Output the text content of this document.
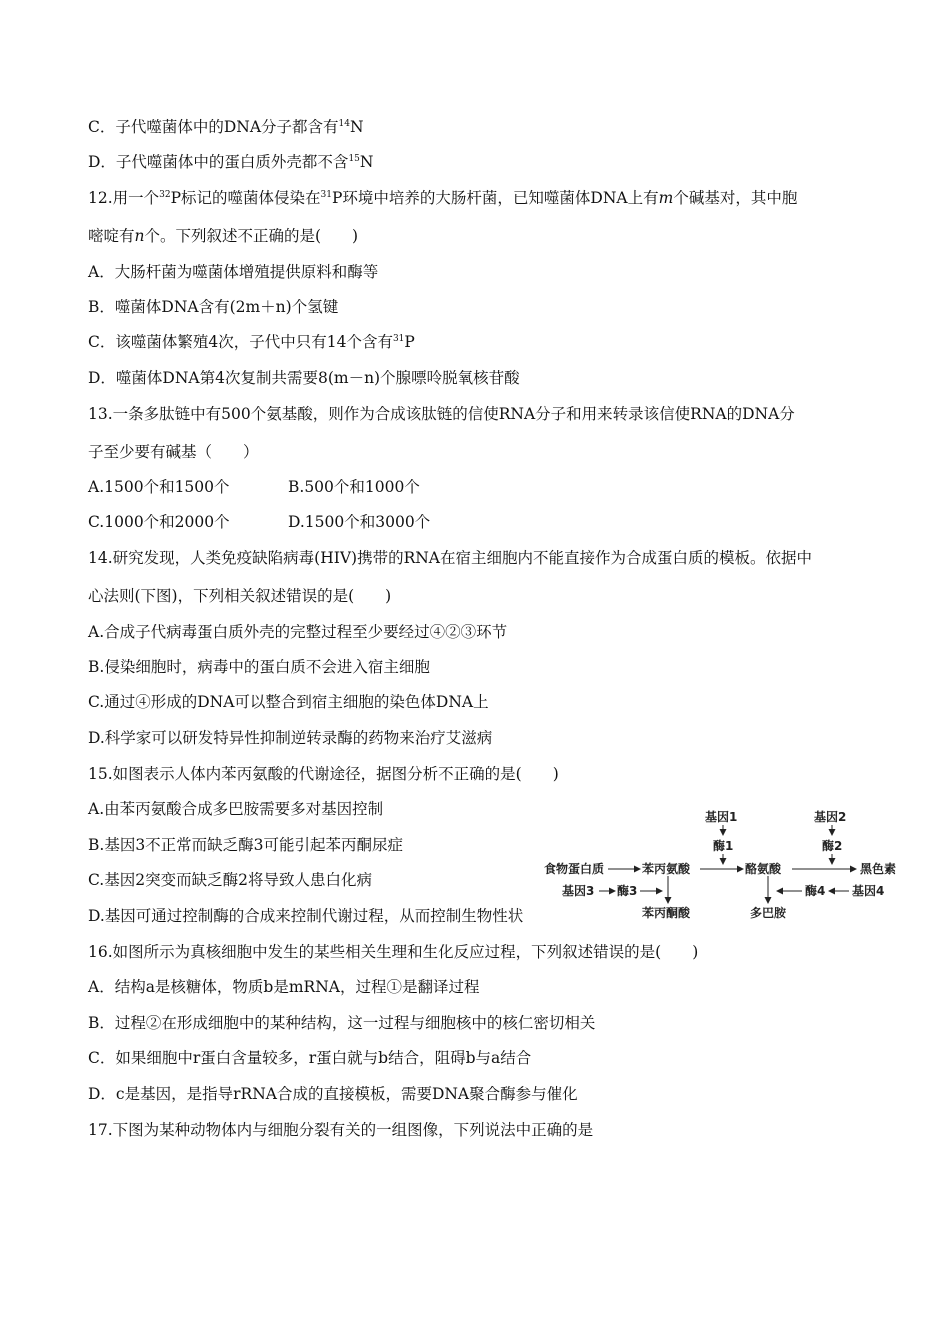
C．子代噬菌体中的DNA分子都含有$^{14}$N
D．子代噬菌体中的蛋白质外壳都不含$^{15}$N
12.用一个$^{32}$P标记的噬菌体侵染在$^{31}$P环境中培养的大肠杆菌，已知噬菌体DNA上有m个碱基对，其中胞
嘧啶有n个。下列叙述不正确的是(　　)
A．大肠杆菌为噬菌体增殖提供原料和酶等
B．噬菌体DNA含有(2m＋n)个氢键
C．该噬菌体繁殖4次，子代中只有14个含有$^{31}$P
D．噬菌体DNA第4次复制共需要8(m－n)个腺嘌呤脱氧核苷酸
13.一条多肽链中有500个氨基酸，则作为合成该肽链的信使RNA分子和用来转录该信使RNA的DNA分
子至少要有碱基（　　）
A.1500个和1500个	B.500个和1000个
C.1000个和2000个	D.1500个和3000个
14.研究发现，人类免疫缺陷病毒(HIV)携带的RNA在宿主细胞内不能直接作为合成蛋白质的模板。依据中
心法则(下图)，下列相关叙述错误的是(　　)
A.合成子代病毒蛋白质外壳的完整过程至少要经过④②③环节
B.侵染细胞时，病毒中的蛋白质不会进入宿主细胞
C.通过④形成的DNA可以整合到宿主细胞的染色体DNA上
D.科学家可以研发特异性抑制逆转录酶的药物来治疗艾滋病
15.如图表示人体内苯丙氨酸的代谢途径，据图分析不正确的是(　　)
A.由苯丙氨酸合成多巴胺需要多对基因控制
B.基因3不正常而缺乏酶3可能引起苯丙酮尿症
C.基因2突变而缺乏酶2将导致人患白化病
D.基因可通过控制酶的合成来控制代谢过程，从而控制生物性状
基因1
酶1
基因2
酶2
食物蛋白质	苯丙氨酸	酪氨酸	黑色素
基因3 酶3	酶4 基因4
苯丙酮酸	多巴胺
16.如图所示为真核细胞中发生的某些相关生理和生化反应过程，下列叙述错误的是(　　)
A．结构a是核糖体，物质b是mRNA，过程①是翻译过程
B．过程②在形成细胞中的某种结构，这一过程与细胞核中的核仁密切相关
C．如果细胞中r蛋白含量较多，r蛋白就与b结合，阻碍b与a结合
D．c是基因，是指导rRNA合成的直接模板，需要DNA聚合酶参与催化
17.下图为某种动物体内与细胞分裂有关的一组图像，下列说法中正确的是
